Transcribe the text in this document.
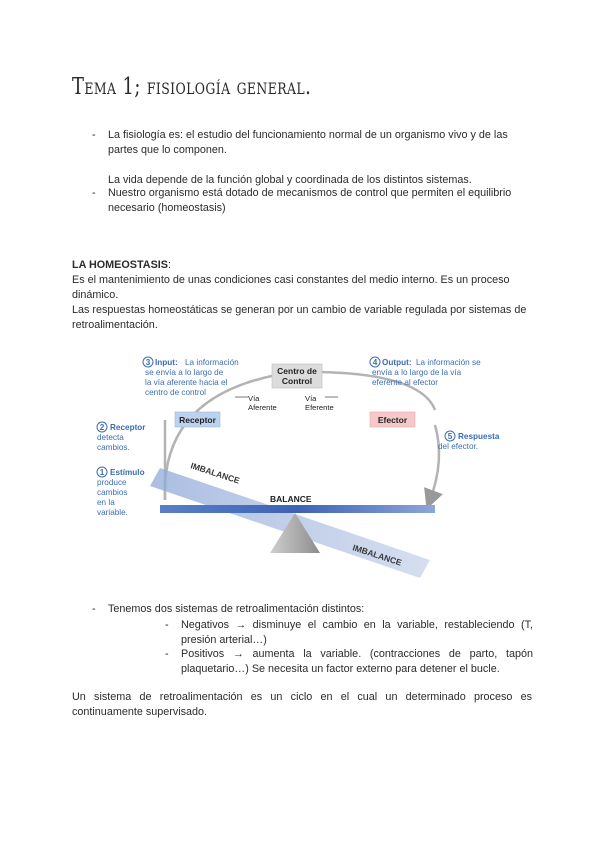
Tema 1; fisiología general.
- La fisiología es: el estudio del funcionamiento normal de un organismo vivo y de las partes que lo componen.
La vida depende de la función global y coordinada de los distintos sistemas.
- Nuestro organismo está dotado de mecanismos de control que permiten el equilibrio necesario (homeostasis)
LA HOMEOSTASIS:
Es el mantenimiento de unas condiciones casi constantes del medio interno. Es un proceso dinámico.
Las respuestas homeostáticas se generan por un cambio de variable regulada por sistemas de retroalimentación.
Receptor
Centro de
Control
Efector
Vía
Aferente
Vía
Eferente
3 Input: La información
se envía a lo largo de
la vía aferente hacia el
centro de control
4 Output: La información se
envía a lo largo de la vía
eferente al efector
2 Receptor
detecta
cambios.
1 Estímulo
produce
cambios
en la
variable.
5 Respuesta
del efector.
IMBALANCE
BALANCE
IMBALANCE
- Tenemos dos sistemas de retroalimentación distintos:
- Negativos → disminuye el cambio en la variable, restableciendo (T, presión arterial…)
- Positivos → aumenta la variable. (contracciones de parto, tapón plaquetario…) Se necesita un factor externo para detener el bucle.
Un sistema de retroalimentación es un ciclo en el cual un determinado proceso es continuamente supervisado.
